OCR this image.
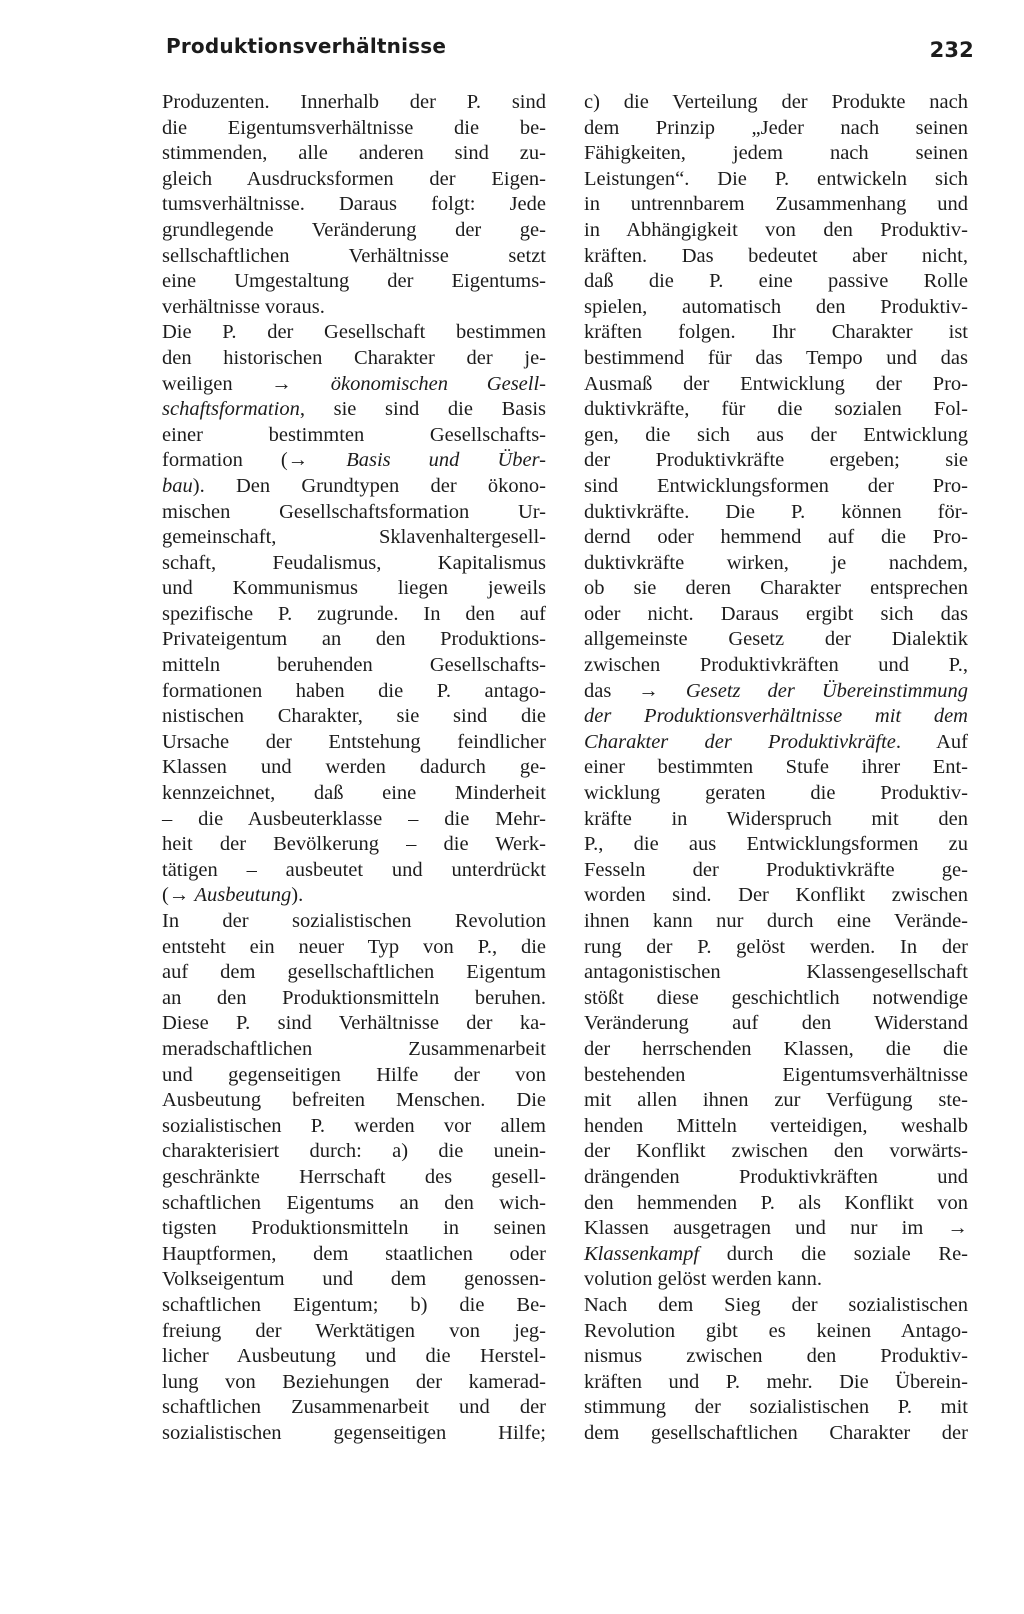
Produktionsverhältnisse	232
Produzenten. Innerhalb der P. sind
die Eigentumsverhältnisse die be-
stimmenden, alle anderen sind zu-
gleich Ausdrucksformen der Eigen-
tumsverhältnisse. Daraus folgt: Jede
grundlegende Veränderung der ge-
sellschaftlichen Verhältnisse setzt
eine Umgestaltung der Eigentums-
verhältnisse voraus.
Die P. der Gesellschaft bestimmen
den historischen Charakter der je-
weiligen → ökonomischen Gesell-
schaftsformation, sie sind die Basis
einer bestimmten Gesellschafts-
formation (→ Basis und Über-
bau). Den Grundtypen der ökono-
mischen Gesellschaftsformation Ur-
gemeinschaft, Sklavenhaltergesell-
schaft, Feudalismus, Kapitalismus
und Kommunismus liegen jeweils
spezifische P. zugrunde. In den auf
Privateigentum an den Produktions-
mitteln beruhenden Gesellschafts-
formationen haben die P. antago-
nistischen Charakter, sie sind die
Ursache der Entstehung feindlicher
Klassen und werden dadurch ge-
kennzeichnet, daß eine Minderheit
– die Ausbeuterklasse – die Mehr-
heit der Bevölkerung – die Werk-
tätigen – ausbeutet und unterdrückt
(→ Ausbeutung).
In der sozialistischen Revolution
entsteht ein neuer Typ von P., die
auf dem gesellschaftlichen Eigentum
an den Produktionsmitteln beruhen.
Diese P. sind Verhältnisse der ka-
meradschaftlichen Zusammenarbeit
und gegenseitigen Hilfe der von
Ausbeutung befreiten Menschen. Die
sozialistischen P. werden vor allem
charakterisiert durch: a) die unein-
geschränkte Herrschaft des gesell-
schaftlichen Eigentums an den wich-
tigsten Produktionsmitteln in seinen
Hauptformen, dem staatlichen oder
Volkseigentum und dem genossen-
schaftlichen Eigentum; b) die Be-
freiung der Werktätigen von jeg-
licher Ausbeutung und die Herstel-
lung von Beziehungen der kamerad-
schaftlichen Zusammenarbeit und der
sozialistischen gegenseitigen Hilfe;
c) die Verteilung der Produkte nach
dem Prinzip „Jeder nach seinen
Fähigkeiten, jedem nach seinen
Leistungen“. Die P. entwickeln sich
in untrennbarem Zusammenhang und
in Abhängigkeit von den Produktiv-
kräften. Das bedeutet aber nicht,
daß die P. eine passive Rolle
spielen, automatisch den Produktiv-
kräften folgen. Ihr Charakter ist
bestimmend für das Tempo und das
Ausmaß der Entwicklung der Pro-
duktivkräfte, für die sozialen Fol-
gen, die sich aus der Entwicklung
der Produktivkräfte ergeben; sie
sind Entwicklungsformen der Pro-
duktivkräfte. Die P. können för-
dernd oder hemmend auf die Pro-
duktivkräfte wirken, je nachdem,
ob sie deren Charakter entsprechen
oder nicht. Daraus ergibt sich das
allgemeinste Gesetz der Dialektik
zwischen Produktivkräften und P.,
das → Gesetz der Übereinstimmung
der Produktionsverhältnisse mit dem
Charakter der Produktivkräfte. Auf
einer bestimmten Stufe ihrer Ent-
wicklung geraten die Produktiv-
kräfte in Widerspruch mit den
P., die aus Entwicklungsformen zu
Fesseln der Produktivkräfte ge-
worden sind. Der Konflikt zwischen
ihnen kann nur durch eine Verände-
rung der P. gelöst werden. In der
antagonistischen Klassengesellschaft
stößt diese geschichtlich notwendige
Veränderung auf den Widerstand
der herrschenden Klassen, die die
bestehenden Eigentumsverhältnisse
mit allen ihnen zur Verfügung ste-
henden Mitteln verteidigen, weshalb
der Konflikt zwischen den vorwärts-
drängenden Produktivkräften und
den hemmenden P. als Konflikt von
Klassen ausgetragen und nur im →
Klassenkampf durch die soziale Re-
volution gelöst werden kann.
Nach dem Sieg der sozialistischen
Revolution gibt es keinen Antago-
nismus zwischen den Produktiv-
kräften und P. mehr. Die Überein-
stimmung der sozialistischen P. mit
dem gesellschaftlichen Charakter der
